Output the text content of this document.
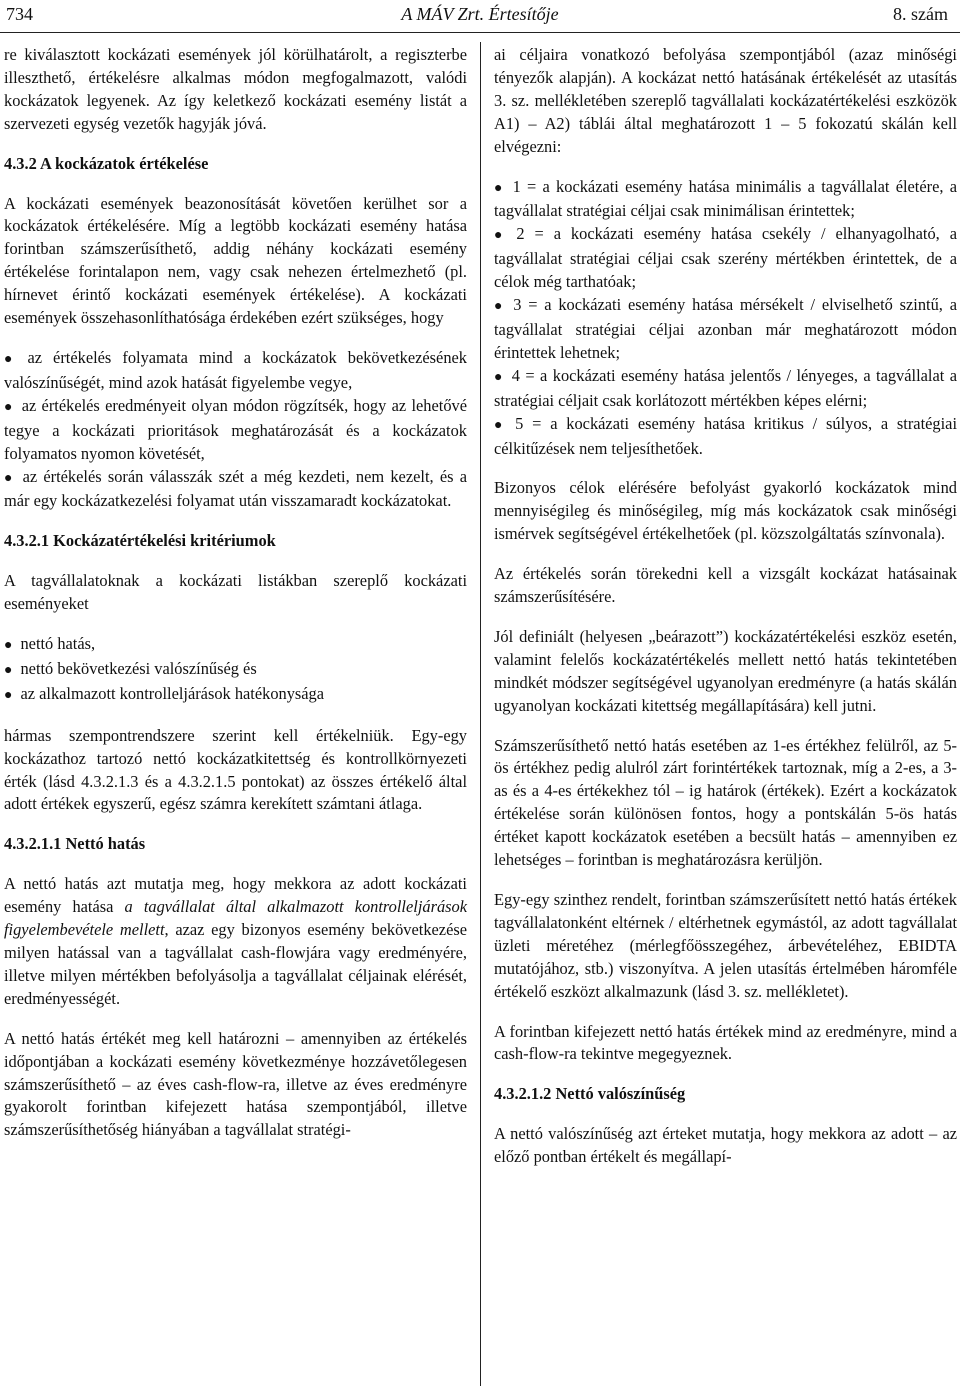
734	A MÁV Zrt. Értesítője	8. szám

re kiválasztott kockázati események jól körülhatárolt, a regiszterbe illeszthető, értékelésre alkalmas módon megfogalmazott, valódi kockázatok legyenek. Az így keletkező kockázati esemény listát a szervezeti egység vezetők hagyják jóvá.

4.3.2 A kockázatok értékelése

A kockázati események beazonosítását követően kerülhet sor a kockázatok értékelésére. Míg a legtöbb kockázati esemény hatása forintban számszerűsíthető, addig néhány kockázati esemény értékelése forintalapon nem, vagy csak nehezen értelmezhető (pl. hírnevet érintő kockázati események értékelése). A kockázati események összehasonlíthatósága érdekében ezért szükséges, hogy

● az értékelés folyamata mind a kockázatok bekövetkezésének valószínűségét, mind azok hatását figyelembe vegye,
● az értékelés eredményeit olyan módon rögzítsék, hogy az lehetővé tegye a kockázati prioritások meghatározását és a kockázatok folyamatos nyomon követését,
● az értékelés során válasszák szét a még kezdeti, nem kezelt, és a már egy kockázatkezelési folyamat után visszamaradt kockázatokat.
4.3.2.1 Kockázatértékelési kritériumok

A tagvállalatoknak a kockázati listákban szereplő kockázati eseményeket

● nettó hatás,
● nettó bekövetkezési valószínűség és
● az alkalmazott kontrolleljárások hatékonysága

hármas szempontrendszere szerint kell értékelniük. Egy-egy kockázathoz tartozó nettó kockázatkitettség és kontrollkörnyezeti érték (lásd 4.3.2.1.3 és a 4.3.2.1.5 pontokat) az összes értékelő által adott értékek egyszerű, egész számra kerekített számtani átlaga.

4.3.2.1.1 Nettó hatás

A nettó hatás azt mutatja meg, hogy mekkora az adott kockázati esemény hatása a tagvállalat által alkalmazott kontrolleljárások figyelembevétele mellett, azaz egy bizonyos esemény bekövetkezése milyen hatással van a tagvállalat cash-flowjára vagy eredményére, illetve milyen mértékben befolyásolja a tagvállalat céljainak elérését, eredményességét.

A nettó hatás értékét meg kell határozni – amennyiben az értékelés időpontjában a kockázati esemény következménye hozzávetőlegesen számszerűsíthető – az éves cash-flow-ra, illetve az éves eredményre gyakorolt forintban kifejezett hatása szempontjából, illetve számszerűsíthetőség hiányában a tagvállalat stratégi-

ai céljaira vonatkozó befolyása szempontjából (azaz minőségi tényezők alapján). A kockázat nettó hatásának értékelését az utasítás 3. sz. mellékletében szereplő tagvállalati kockázatértékelési eszközök A1) – A2) táblái által meghatározott 1 – 5 fokozatú skálán kell elvégezni:

● 1 = a kockázati esemény hatása minimális a tagvállalat életére, a tagvállalat stratégiai céljai csak minimálisan érintettek;
● 2 = a kockázati esemény hatása csekély / elhanyagolható, a tagvállalat stratégiai céljai csak szerény mértékben érintettek, de a célok még tarthatóak;
● 3 = a kockázati esemény hatása mérsékelt / elviselhető szintű, a tagvállalat stratégiai céljai azonban már meghatározott módon érintettek lehetnek;
● 4 = a kockázati esemény hatása jelentős / lényeges, a tagvállalat a stratégiai céljait csak korlátozott mértékben képes elérni;
● 5 = a kockázati esemény hatása kritikus / súlyos, a stratégiai célkitűzések nem teljesíthetőek.

Bizonyos célok elérésére befolyást gyakorló kockázatok mind mennyiségileg és minőségileg, míg más kockázatok csak minőségi ismérvek segítségével értékelhetőek (pl. közszolgáltatás színvonala).

Az értékelés során törekedni kell a vizsgált kockázat hatásainak számszerűsítésére.

Jól definiált (helyesen „beárazott”) kockázatértékelési eszköz esetén, valamint felelős kockázatértékelés mellett nettó hatás tekintetében mindkét módszer segítségével ugyanolyan eredményre (a hatás skálán ugyanolyan kockázati kitettség megállapítására) kell jutni.

Számszerűsíthető nettó hatás esetében az 1-es értékhez felülről, az 5-ös értékhez pedig alulról zárt forintértékek tartoznak, míg a 2-es, a 3-as és a 4-es értékekhez tól – ig határok (értékek). Ezért a kockázatok értékelése során különösen fontos, hogy a pontskálán 5-ös hatás értéket kapott kockázatok esetében a becsült hatás – amennyiben ez lehetséges – forintban is meghatározásra kerüljön.

Egy-egy szinthez rendelt, forintban számszerűsített nettó hatás értékek tagvállalatonként eltérnek / eltérhetnek egymástól, az adott tagvállalat üzleti méretéhez (mérlegfőösszegéhez, árbevételéhez, EBIDTA mutatójához, stb.) viszonyítva. A jelen utasítás értelmében háromféle értékelő eszközt alkalmazunk (lásd 3. sz. mellékletet).

A forintban kifejezett nettó hatás értékek mind az eredményre, mind a cash-flow-ra tekintve megegyeznek.

4.3.2.1.2 Nettó valószínűség

A nettó valószínűség azt érteket mutatja, hogy mekkora az adott – az előző pontban értékelt és megállapí-
